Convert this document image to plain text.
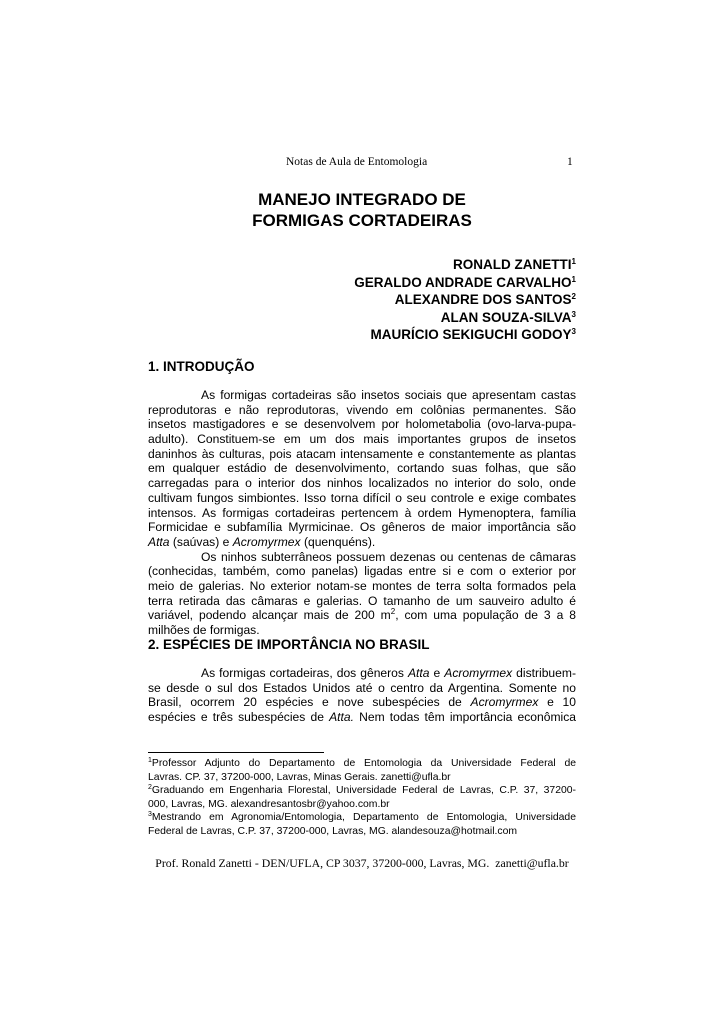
Notas de Aula de Entomologia	1
MANEJO INTEGRADO DE
FORMIGAS CORTADEIRAS
RONALD ZANETTI$^1$
GERALDO ANDRADE CARVALHO$^1$
ALEXANDRE DOS SANTOS$^2$
ALAN SOUZA-SILVA$^3$
MAURÍCIO SEKIGUCHI GODOY$^3$
1. INTRODUÇÃO
As formigas cortadeiras são insetos sociais que apresentam castas
reprodutoras e não reprodutoras, vivendo em colônias permanentes. São
insetos mastigadores e se desenvolvem por holometabolia (ovo-larva-pupa-
adulto). Constituem-se em um dos mais importantes grupos de insetos
daninhos às culturas, pois atacam intensamente e constantemente as plantas
em qualquer estádio de desenvolvimento, cortando suas folhas, que são
carregadas para o interior dos ninhos localizados no interior do solo, onde
cultivam fungos simbiontes. Isso torna difícil o seu controle e exige combates
intensos. As formigas cortadeiras pertencem à ordem Hymenoptera, família
Formicidae e subfamília Myrmicinae. Os gêneros de maior importância são
Atta (saúvas) e Acromyrmex (quenquéns).
Os ninhos subterrâneos possuem dezenas ou centenas de câmaras
(conhecidas, também, como panelas) ligadas entre si e com o exterior por
meio de galerias. No exterior notam-se montes de terra solta formados pela
terra retirada das câmaras e galerias. O tamanho de um sauveiro adulto é
variável, podendo alcançar mais de 200 $m^2$, com uma população de 3 a 8
milhões de formigas.
2. ESPÉCIES DE IMPORTÂNCIA NO BRASIL
As formigas cortadeiras, dos gêneros Atta e Acromyrmex distribuem-
se desde o sul dos Estados Unidos até o centro da Argentina. Somente no
Brasil, ocorrem 20 espécies e nove subespécies de Acromyrmex e 10
espécies e três subespécies de Atta. Nem todas têm importância econômica
$^1$Professor Adjunto do Departamento de Entomologia da Universidade Federal de
Lavras. CP. 37, 37200-000, Lavras, Minas Gerais. zanetti@ufla.br
$^2$Graduando em Engenharia Florestal, Universidade Federal de Lavras, C.P. 37, 37200-
000, Lavras, MG. alexandresantosbr@yahoo.com.br
$^3$Mestrando em Agronomia/Entomologia, Departamento de Entomologia, Universidade
Federal de Lavras, C.P. 37, 37200-000, Lavras, MG. alandesouza@hotmail.com
Prof. Ronald Zanetti - DEN/UFLA, CP 3037, 37200-000, Lavras, MG.  zanetti@ufla.br
